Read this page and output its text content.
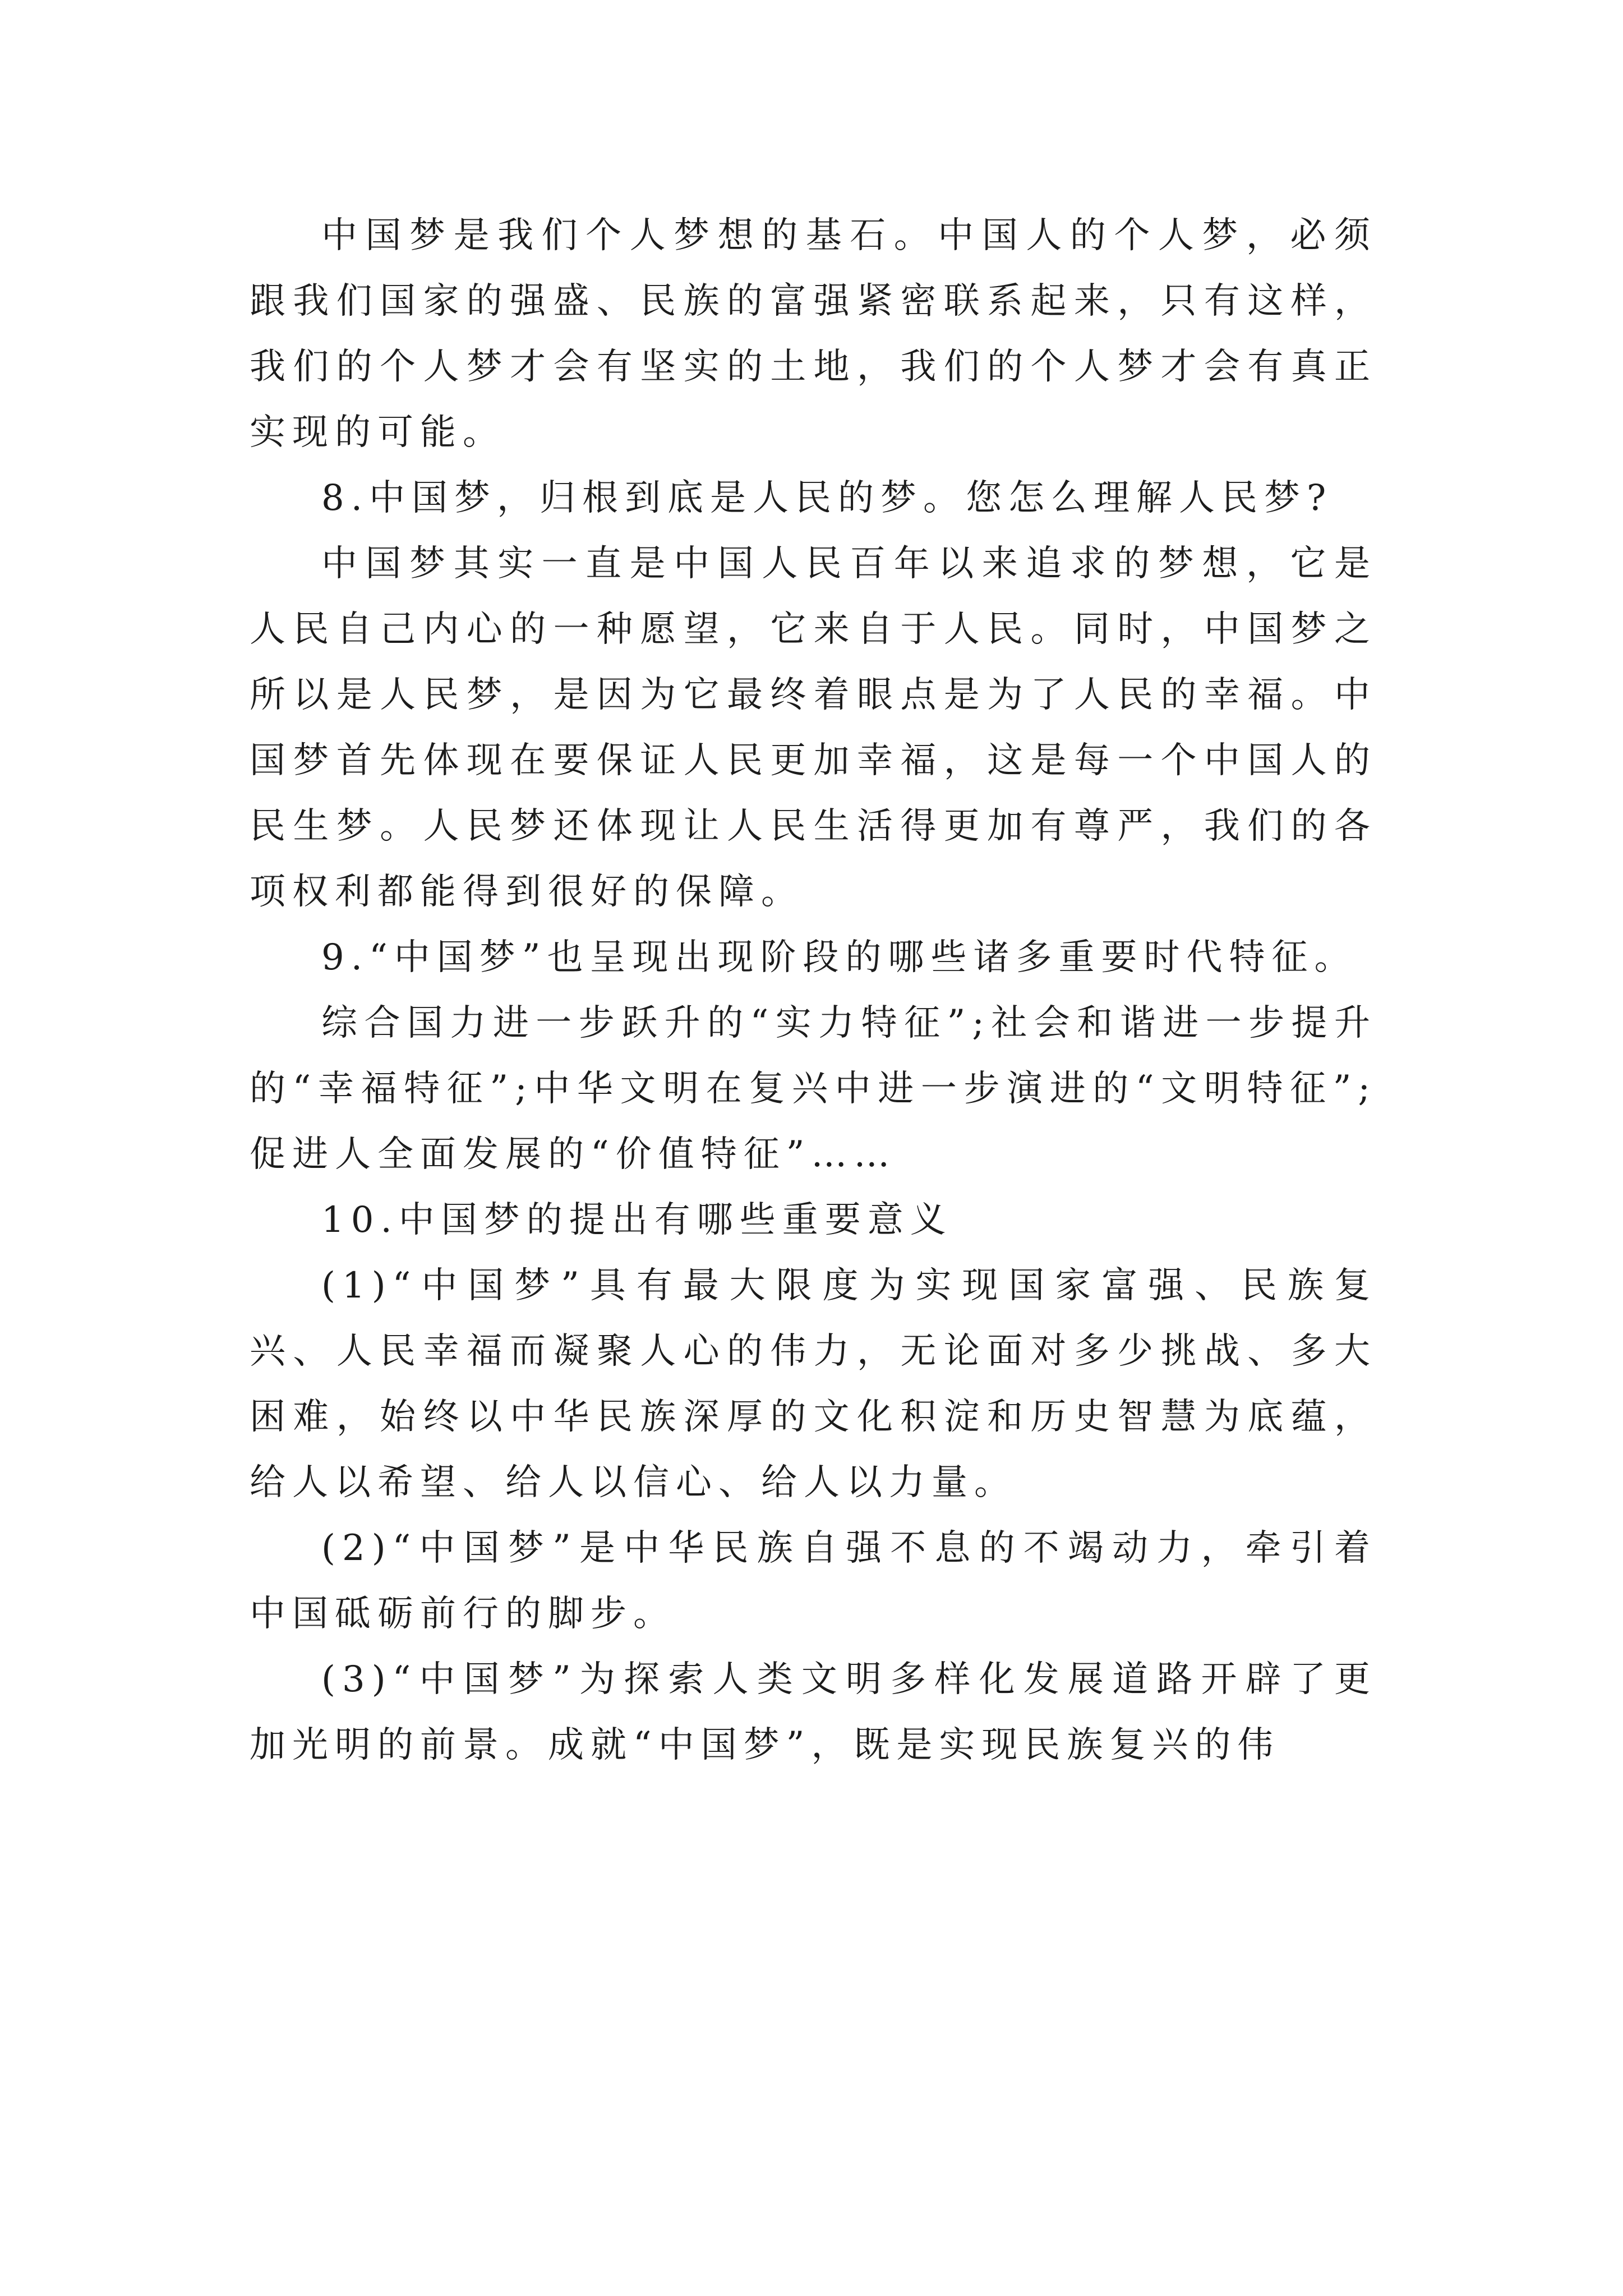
中国梦是我们个人梦想的基石。中国人的个人梦，必须跟我们国家的强盛、民族的富强紧密联系起来，只有这样，我们的个人梦才会有坚实的土地，我们的个人梦才会有真正实现的可能。

8.中国梦，归根到底是人民的梦。您怎么理解人民梦?

中国梦其实一直是中国人民百年以来追求的梦想，它是人民自己内心的一种愿望，它来自于人民。同时，中国梦之所以是人民梦，是因为它最终着眼点是为了人民的幸福。中国梦首先体现在要保证人民更加幸福，这是每一个中国人的民生梦。人民梦还体现让人民生活得更加有尊严，我们的各项权利都能得到很好的保障。

9.“中国梦”也呈现出现阶段的哪些诸多重要时代特征。

综合国力进一步跃升的“实力特征”;社会和谐进一步提升的“幸福特征”;中华文明在复兴中进一步演进的“文明特征”;促进人全面发展的“价值特征”……

10.中国梦的提出有哪些重要意义

(1)“中国梦”具有最大限度为实现国家富强、民族复兴、人民幸福而凝聚人心的伟力，无论面对多少挑战、多大困难，始终以中华民族深厚的文化积淀和历史智慧为底蕴，给人以希望、给人以信心、给人以力量。

(2)“中国梦”是中华民族自强不息的不竭动力，牵引着中国砥砺前行的脚步。

(3)“中国梦”为探索人类文明多样化发展道路开辟了更加光明的前景。成就“中国梦”，既是实现民族复兴的伟
